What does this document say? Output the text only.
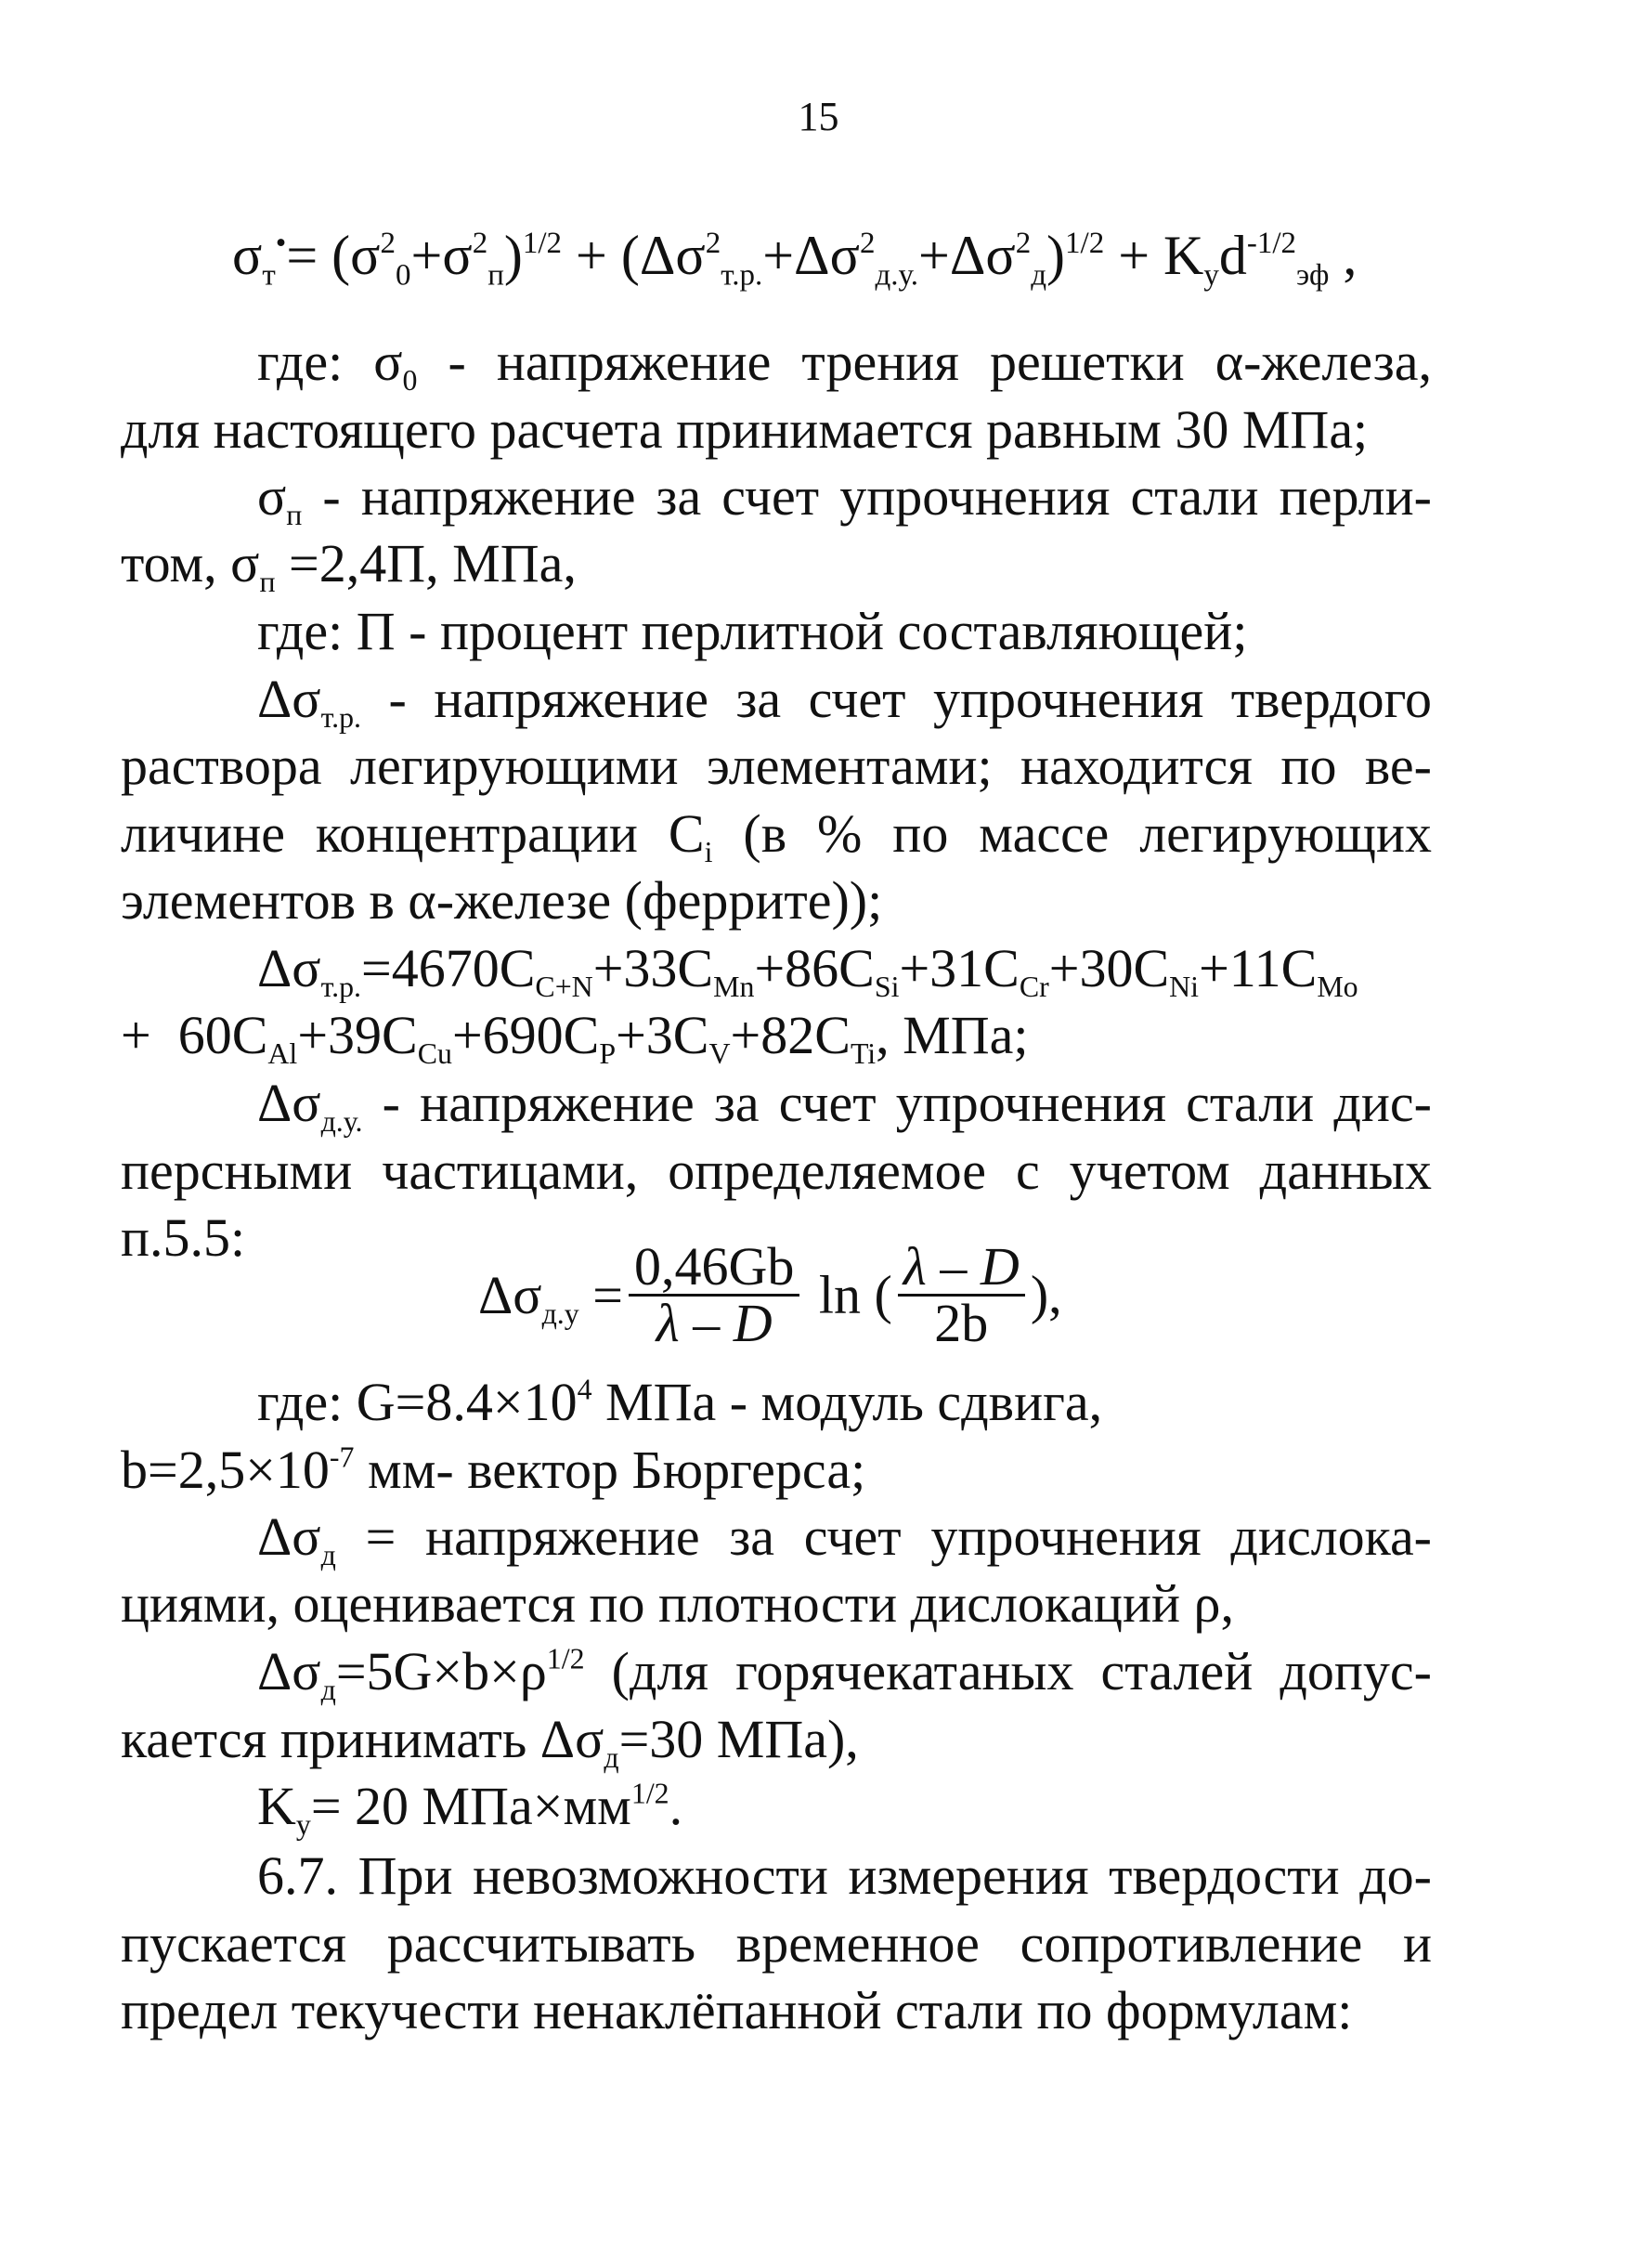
15
$\sigma_т^•= (\sigma^2_0+\sigma^2_п)^{1/2} + (\Delta\sigma^2_{т.р.}+\Delta\sigma^2_{д.у.}+\Delta\sigma^2_д)^{1/2} + K_уd^{-1/2}_{эф}$ ,
где: $\sigma_0$ - напряжение трения решетки α-железа,
для настоящего расчета принимается равным 30 МПа;
$\sigma_п$ - напряжение за счет упрочнения стали перли-
том, $\sigma_п =2,4П$, МПа,
где: П - процент перлитной составляющей;
$\Delta\sigma_{т.р.}$ - напряжение за счет упрочнения твердого
раствора легирующими элементами; находится по ве-
личине концентрации $C_i$ (в % по массе легирующих
элементов в α-железе (феррите));
$\Delta\sigma_{т.р.}=4670C_{C+N}+33C_{Mn}+86C_{Si}+31C_{Cr}+30C_{Ni}+11C_{Mo}$
+  $60C_{Al}+39C_{Cu}+690C_P+3C_V+82C_{Ti}$, МПа;
$\Delta\sigma_{д.у.}$ - напряжение за счет упрочнения стали дис-
персными частицами, определяемое с учетом данных
п.5.5:
$\Delta\sigma_{д.у} = \frac{0,46Gb}{\lambda - D}$ ln ( $\frac{\lambda - D}{2b}$ ),
где: $G=8.4\times 10^4$ МПа - модуль сдвига,
$b=2,5\times 10^{-7}$ мм- вектор Бюргерса;
$\Delta\sigma_д$ = напряжение за счет упрочнения дислока-
циями, оценивается по плотности дислокаций ρ,
$\Delta\sigma_д=5G\times b\times\rho^{1/2}$ (для горячекатаных сталей допус-
кается принимать $\Delta\sigma_д=30$ МПа),
$K_у= 20$ $МПа\times мм^{1/2}$.
6.7. При невозможности измерения твердости до-
пускается рассчитывать временное сопротивление и
предел текучести ненаклёпанной стали по формулам:
